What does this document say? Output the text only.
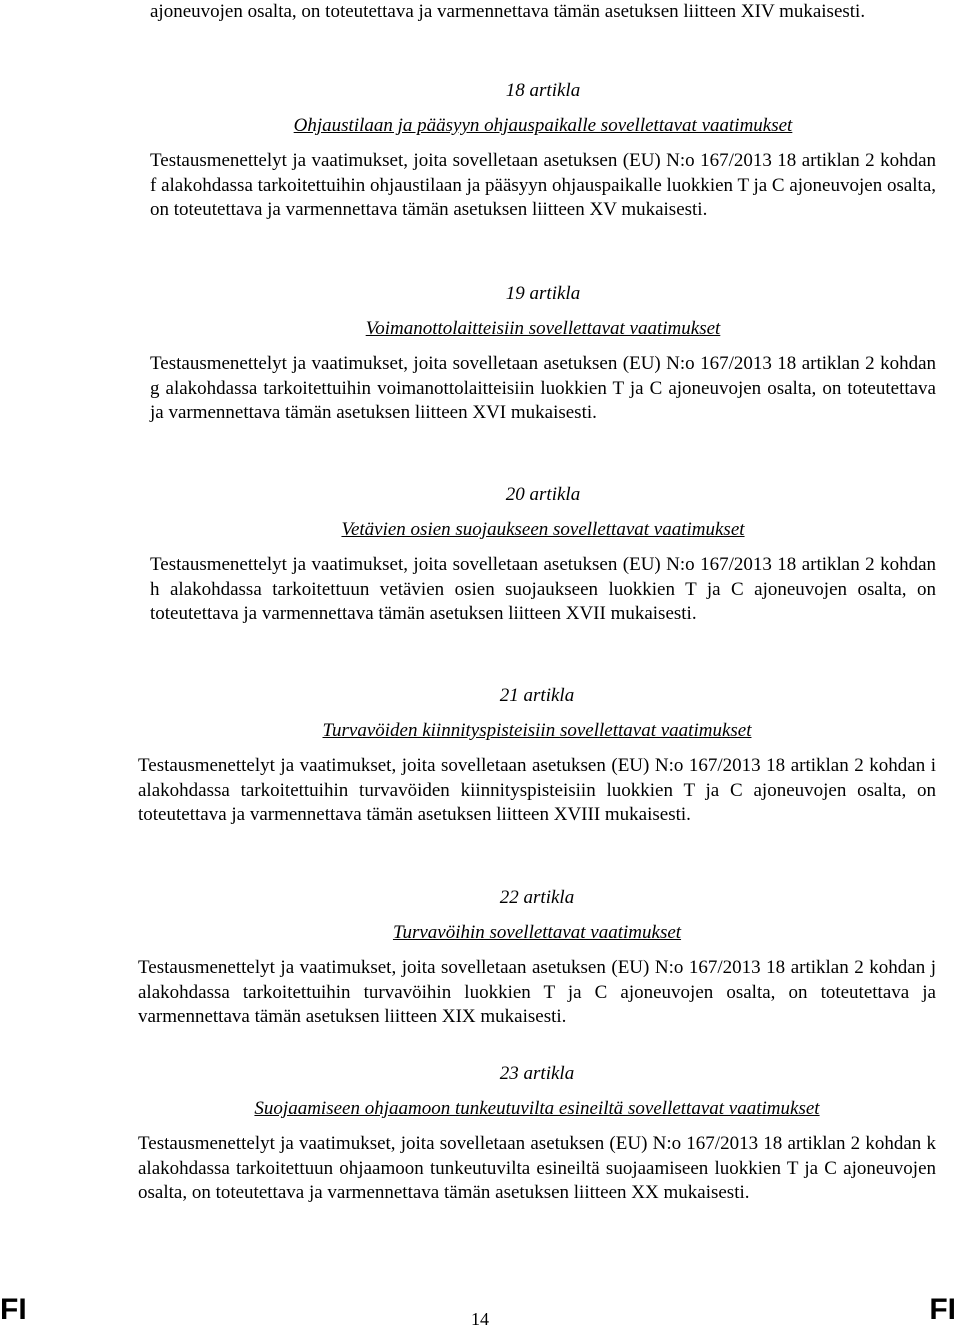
ajoneuvojen osalta, on toteutettava ja varmennettava tämän asetuksen liitteen XIV mukaisesti.

18 artikla

Ohjaustilaan ja pääsyyn ohjauspaikalle sovellettavat vaatimukset

Testausmenettelyt ja vaatimukset, joita sovelletaan asetuksen (EU) N:o 167/2013 18 artiklan 2 kohdan f alakohdassa tarkoitettuihin ohjaustilaan ja pääsyyn ohjauspaikalle luokkien T ja C ajoneuvojen osalta, on toteutettava ja varmennettava tämän asetuksen liitteen XV mukaisesti.

19 artikla

Voimanottolaitteisiin sovellettavat vaatimukset

Testausmenettelyt ja vaatimukset, joita sovelletaan asetuksen (EU) N:o 167/2013 18 artiklan 2 kohdan g alakohdassa tarkoitettuihin voimanottolaitteisiin luokkien T ja C ajoneuvojen osalta, on toteutettava ja varmennettava tämän asetuksen liitteen XVI mukaisesti.

20 artikla

Vetävien osien suojaukseen sovellettavat vaatimukset

Testausmenettelyt ja vaatimukset, joita sovelletaan asetuksen (EU) N:o 167/2013 18 artiklan 2 kohdan h alakohdassa tarkoitettuun vetävien osien suojaukseen luokkien T ja C ajoneuvojen osalta, on toteutettava ja varmennettava tämän asetuksen liitteen XVII mukaisesti.

21 artikla

Turvavöiden kiinnityspisteisiin sovellettavat vaatimukset

Testausmenettelyt ja vaatimukset, joita sovelletaan asetuksen (EU) N:o 167/2013 18 artiklan 2 kohdan i alakohdassa tarkoitettuihin turvavöiden kiinnityspisteisiin luokkien T ja C ajoneuvojen osalta, on toteutettava ja varmennettava tämän asetuksen liitteen XVIII mukaisesti.

22 artikla

Turvavöihin sovellettavat vaatimukset

Testausmenettelyt ja vaatimukset, joita sovelletaan asetuksen (EU) N:o 167/2013 18 artiklan 2 kohdan j alakohdassa tarkoitettuihin turvavöihin luokkien T ja C ajoneuvojen osalta, on toteutettava ja varmennettava tämän asetuksen liitteen XIX mukaisesti.

23 artikla

Suojaamiseen ohjaamoon tunkeutuvilta esineiltä sovellettavat vaatimukset

Testausmenettelyt ja vaatimukset, joita sovelletaan asetuksen (EU) N:o 167/2013 18 artiklan 2 kohdan k alakohdassa tarkoitettuun ohjaamoon tunkeutuvilta esineiltä suojaamiseen luokkien T ja C ajoneuvojen osalta, on toteutettava ja varmennettava tämän asetuksen liitteen XX mukaisesti.

FI	14	FI
